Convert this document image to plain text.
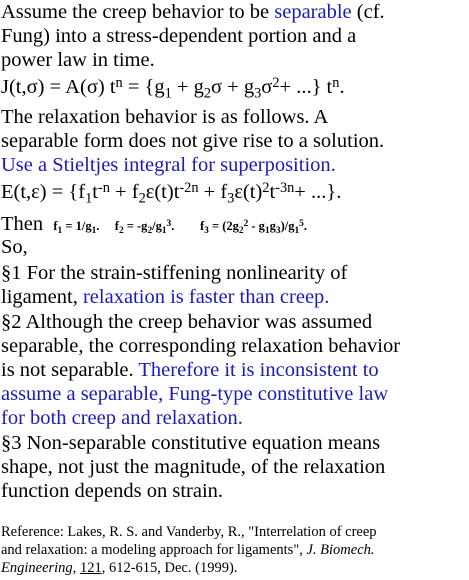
Assume the creep behavior to be separable (cf.
Fung) into a stress-dependent portion and a
power law in time.
J(t,σ) = A(σ) $t^n = \{g_1 + g_2\sigma + g_3\sigma^2+$ ...} $t^n$.
The relaxation behavior is as follows. A
separable form does not give rise to a solution.
Use a Stieltjes integral for superposition.
$E(t,\varepsilon) = \{f_1t^{-n} + f_2\varepsilon(t)t^{-2n} + f_3\varepsilon(t)^2t^{-3n}+$ ...}.
Then $f_1 = 1/g_1$. $f_2 = -g_2/g_1^3$. $f_3 = (2g_2^2 - g_1g_3)/g_1^5$.
So,
§1 For the strain-stiffening nonlinearity of
ligament, relaxation is faster than creep.
§2 Although the creep behavior was assumed
separable, the corresponding relaxation behavior
is not separable. Therefore it is inconsistent to
assume a separable, Fung-type constitutive law
for both creep and relaxation.
§3 Non-separable constitutive equation means
shape, not just the magnitude, of the relaxation
function depends on strain.
Reference: Lakes, R. S. and Vanderby, R., "Interrelation of creep
and relaxation: a modeling approach for ligaments", J. Biomech.
Engineering, 121, 612-615, Dec. (1999).
